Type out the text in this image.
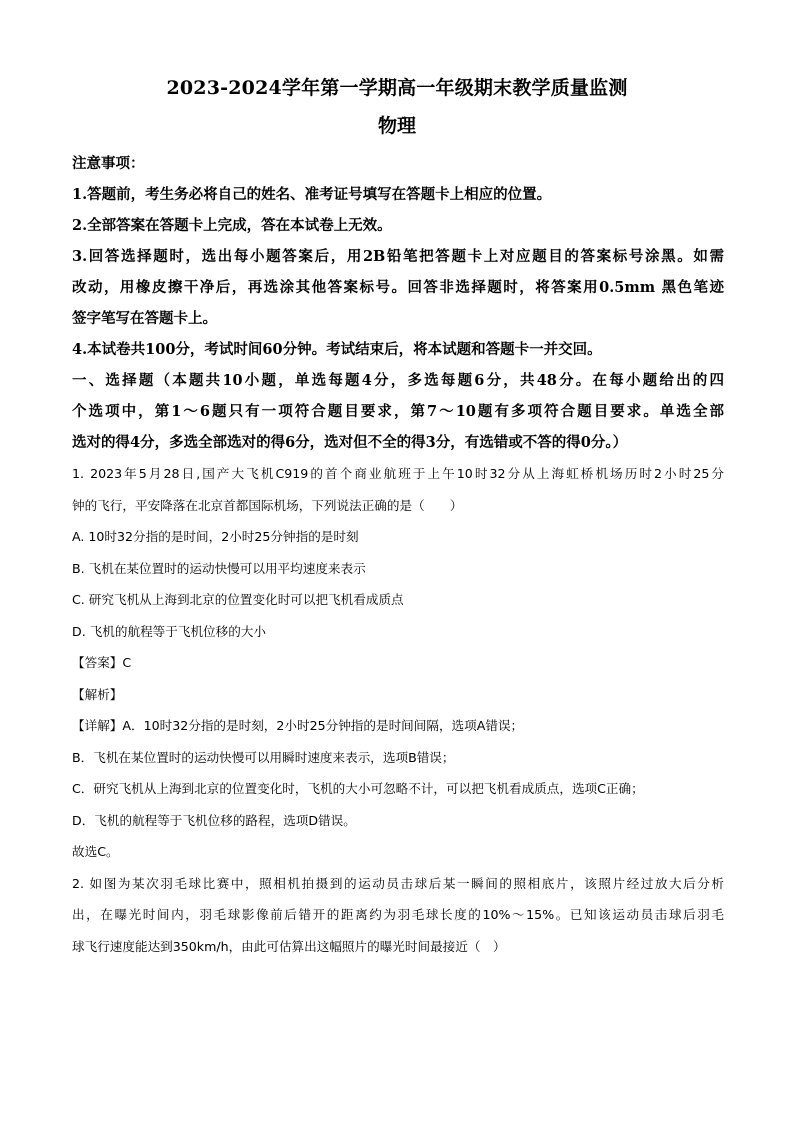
2023-2024学年第一学期高一年级期末教学质量监测
物理
注意事项：
1.答题前，考生务必将自己的姓名、准考证号填写在答题卡上相应的位置。
2.全部答案在答题卡上完成，答在本试卷上无效。
3.回答选择题时，选出每小题答案后，用2B铅笔把答题卡上对应题目的答案标号涂黑。如需
改动，用橡皮擦干净后，再选涂其他答案标号。回答非选择题时，将答案用0.5mm 黑色笔迹
签字笔写在答题卡上。
4.本试卷共100分，考试时间60分钟。考试结束后，将本试题和答题卡一并交回。
一、选择题（本题共10小题，单选每题4分，多选每题6分，共48分。在每小题给出的四
个选项中，第1～6题只有一项符合题目要求，第7～10题有多项符合题目要求。单选全部
选对的得4分，多选全部选对的得6分，选对但不全的得3分，有选错或不答的得0分。）
1. 2023年5月28日,国产大飞机C919的首个商业航班于上午10时32分从上海虹桥机场历时2小时25分
钟的飞行，平安降落在北京首都国际机场，下列说法正确的是（　　）
A. 10时32分指的是时间，2小时25分钟指的是时刻
B. 飞机在某位置时的运动快慢可以用平均速度来表示
C. 研究飞机从上海到北京的位置变化时可以把飞机看成质点
D. 飞机的航程等于飞机位移的大小
【答案】C
【解析】
【详解】A．10时32分指的是时刻，2小时25分钟指的是时间间隔，选项A错误；
B．飞机在某位置时的运动快慢可以用瞬时速度来表示，选项B错误；
C．研究飞机从上海到北京的位置变化时，飞机的大小可忽略不计，可以把飞机看成质点，选项C正确；
D．飞机的航程等于飞机位移的路程，选项D错误。
故选C。
2. 如图为某次羽毛球比赛中，照相机拍摄到的运动员击球后某一瞬间的照相底片，该照片经过放大后分析
出，在曝光时间内，羽毛球影像前后错开的距离约为羽毛球长度的10%～15%。已知该运动员击球后羽毛
球飞行速度能达到350km/h，由此可估算出这幅照片的曝光时间最接近（　）
